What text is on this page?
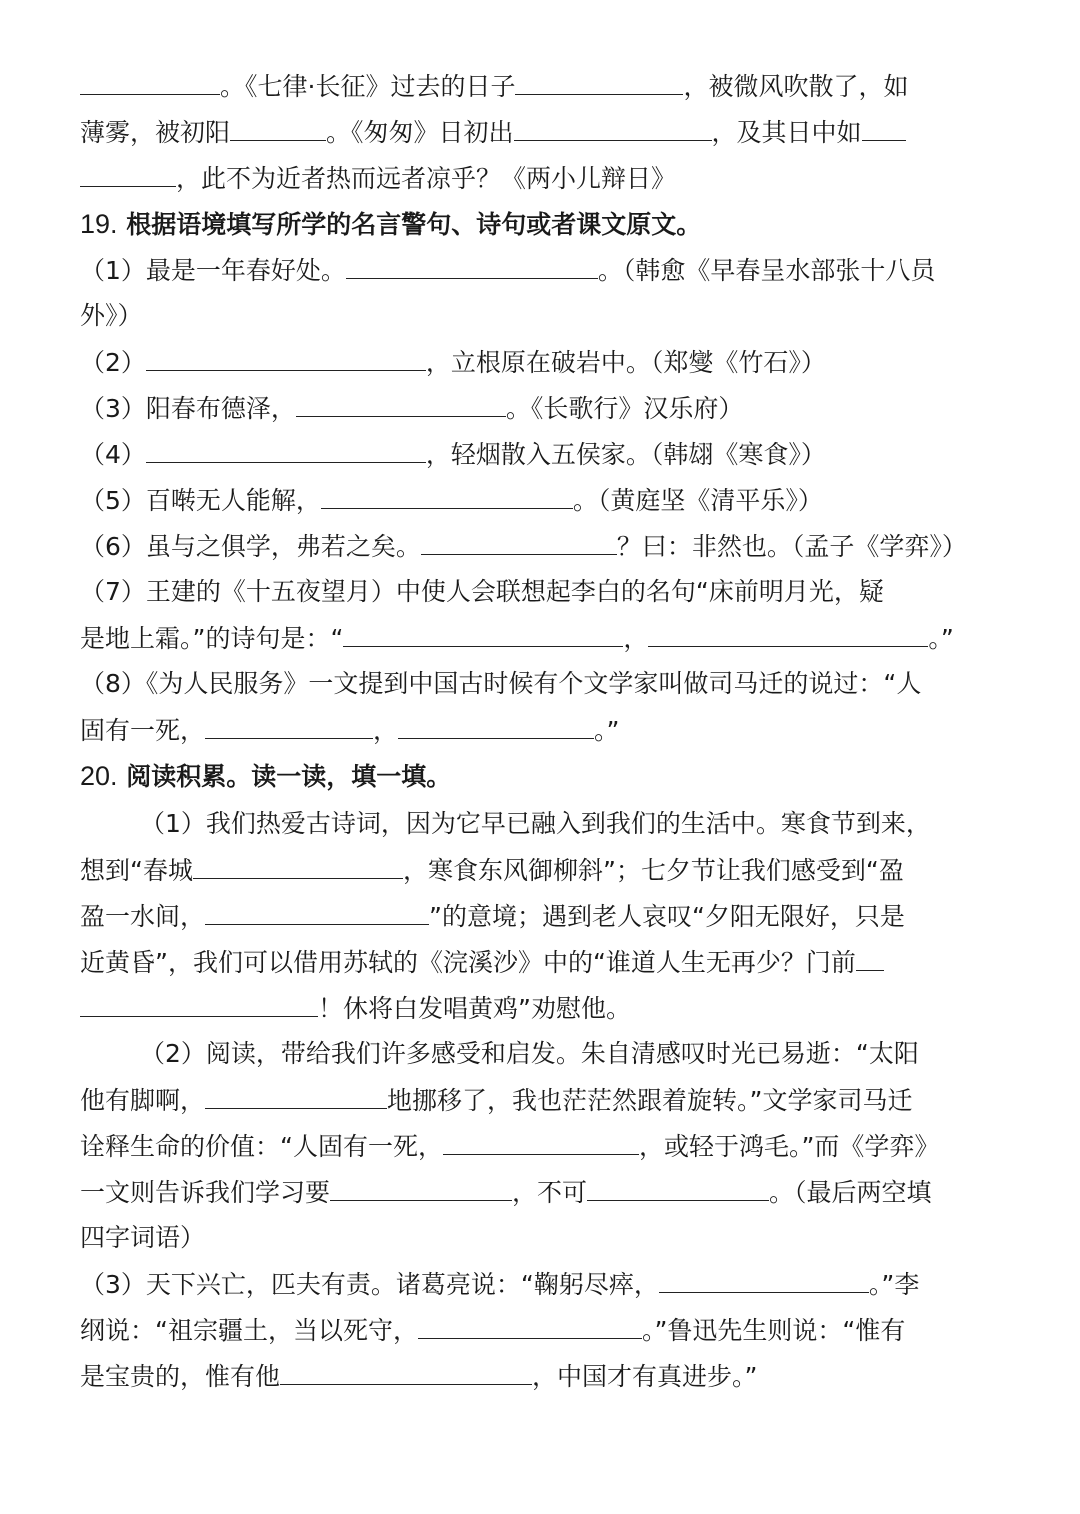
。《七律·长征》过去的日子	，被微风吹散了，如
薄雾，被初阳	。《匆匆》日初出	，及其日中如
，此不为近者热而远者凉乎？《两小儿辩日》
19. 根据语境填写所学的名言警句、诗句或者课文原文。
（1）最是一年春好处。	。（韩愈《早春呈水部张十八员
外》）
（2）	，立根原在破岩中。（郑燮《竹石》）
（3）阳春布德泽，	。《长歌行》汉乐府）
（4）	，轻烟散入五侯家。（韩翃《寒食》）
（5）百啭无人能解，	。（黄庭坚《清平乐》）
（6）虽与之俱学，弗若之矣。	？曰：非然也。（孟子《学弈》）
（7）王建的《十五夜望月）中使人会联想起李白的名句“床前明月光，疑
是地上霜。”的诗句是：“	，	。”
（8）《为人民服务》一文提到中国古时候有个文学家叫做司马迁的说过：“人
固有一死，	，	。”
20. 阅读积累。读一读，填一填。
（1）我们热爱古诗词，因为它早已融入到我们的生活中。寒食节到来，
想到“春城	，寒食东风御柳斜”；七夕节让我们感受到“盈
盈一水间，	”的意境；遇到老人哀叹“夕阳无限好，只是
近黄昏”，我们可以借用苏轼的《浣溪沙》中的“谁道人生无再少？门前
！休将白发唱黄鸡”劝慰他。
（2）阅读，带给我们许多感受和启发。朱自清感叹时光已易逝：“太阳
他有脚啊，	地挪移了，我也茫茫然跟着旋转。”文学家司马迁
诠释生命的价值：“人固有一死，	，或轻于鸿毛。”而《学弈》
一文则告诉我们学习要	，不可	。（最后两空填
四字词语）
（3）天下兴亡，匹夫有责。诸葛亮说：“鞠躬尽瘁，	。”李
纲说：“祖宗疆土，当以死守，	。”鲁迅先生则说：“惟有
是宝贵的，惟有他	，中国才有真进步。”
